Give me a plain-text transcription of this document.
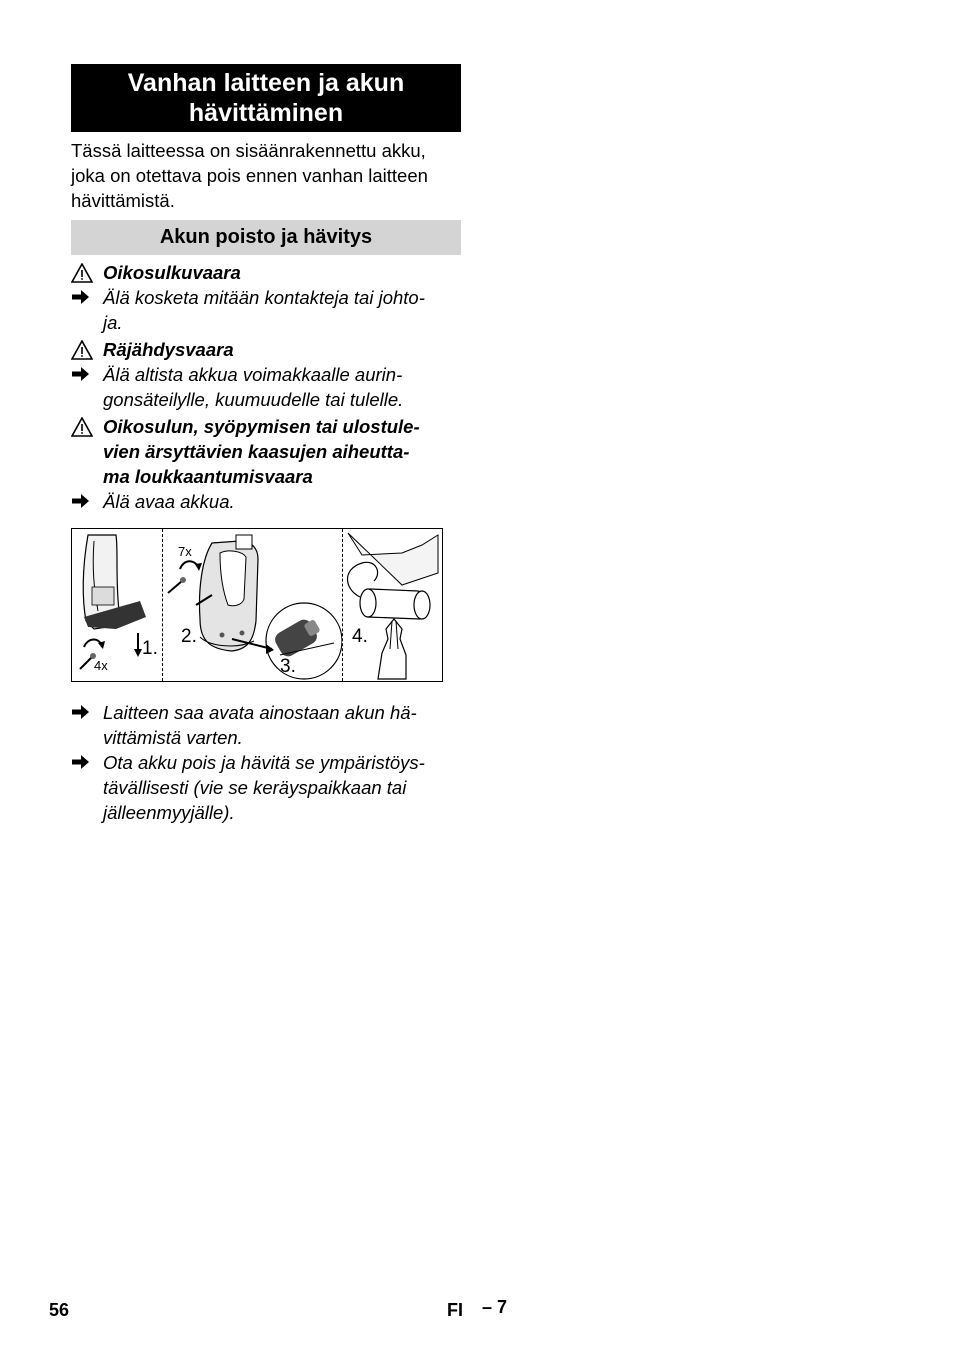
Vanhan laitteen ja akun
hävittäminen
Tässä laitteessa on sisäänrakennettu akku,
joka on otettava pois ennen vanhan laitteen
hävittämistä.
Akun poisto ja hävitys
Oikosulkuvaara
Älä kosketa mitään kontakteja tai johto-
ja.
Räjähdysvaara
Älä altista akkua voimakkaalle aurin-
gonsäteilylle, kuumuudelle tai tulelle.
Oikosulun, syöpymisen tai ulostule-
vien ärsyttävien kaasujen aiheutta-
ma loukkaantumisvaara
Älä avaa akkua.
1.
4x
2.
3.
7x
4.
Laitteen saa avata ainostaan akun hä-
vittämistä varten.
Ota akku pois ja hävitä se ympäristöys-
tävällisesti (vie se keräyspaikkaan tai
jälleenmyyjälle).
56	FI – 7
